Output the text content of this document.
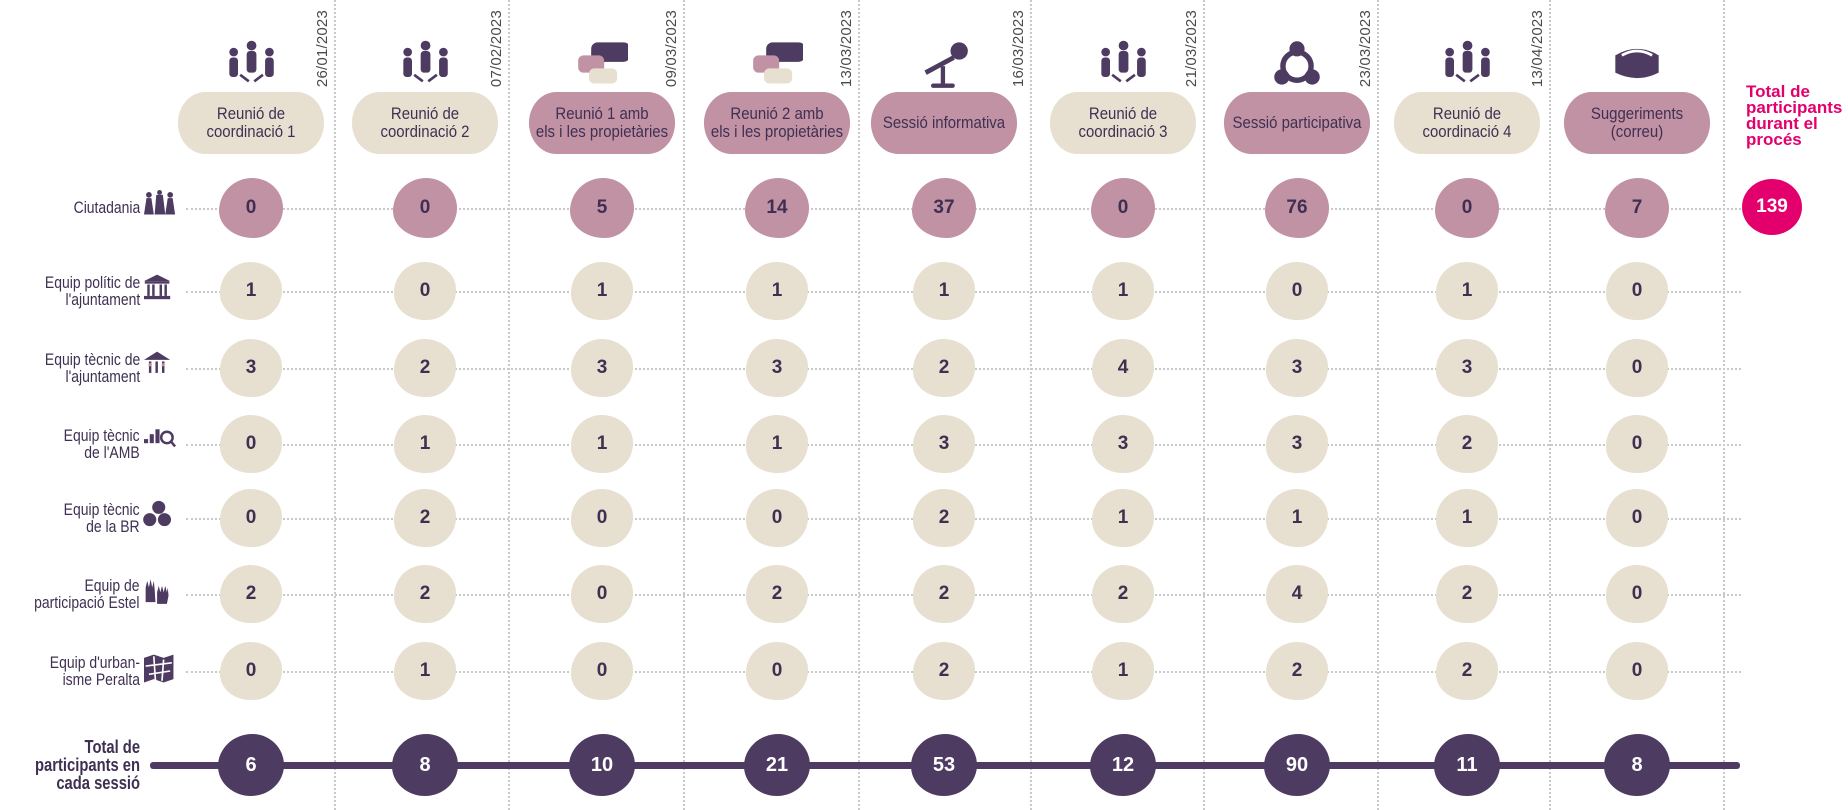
26/01/2023
Reunió de
coordinació 1
07/02/2023
Reunió de
coordinació 2
09/03/2023
Reunió 1 amb
els i les propietàries
13/03/2023
Reunió 2 amb
els i les propietàries
16/03/2023
Sessió informativa
21/03/2023
Reunió de
coordinació 3
23/03/2023
Sessió participativa
13/04/2023
Reunió de
coordinació 4
Suggeriments
(correu)
Ciutadania	0	0	5	14	37	0	76	0	7
Equip polític de
l'ajuntament	1	0	1	1	1	1	0	1	0
Equip tècnic de
l'ajuntament	3	2	3	3	2	4	3	3	0
Equip tècnic
de l'AMB	0	1	1	1	3	3	3	2	0
Equip tècnic
de la BR	0	2	0	0	2	1	1	1	0
Equip de
participació Estel	2	2	0	2	2	2	4	2	0
Equip d'urban-
isme Peralta	0	1	0	0	2	1	2	2	0
Total de
participants en
cada sessió
6	8	10	21	53	12	90	11	8
Total de
participants
durant el
procés
139
